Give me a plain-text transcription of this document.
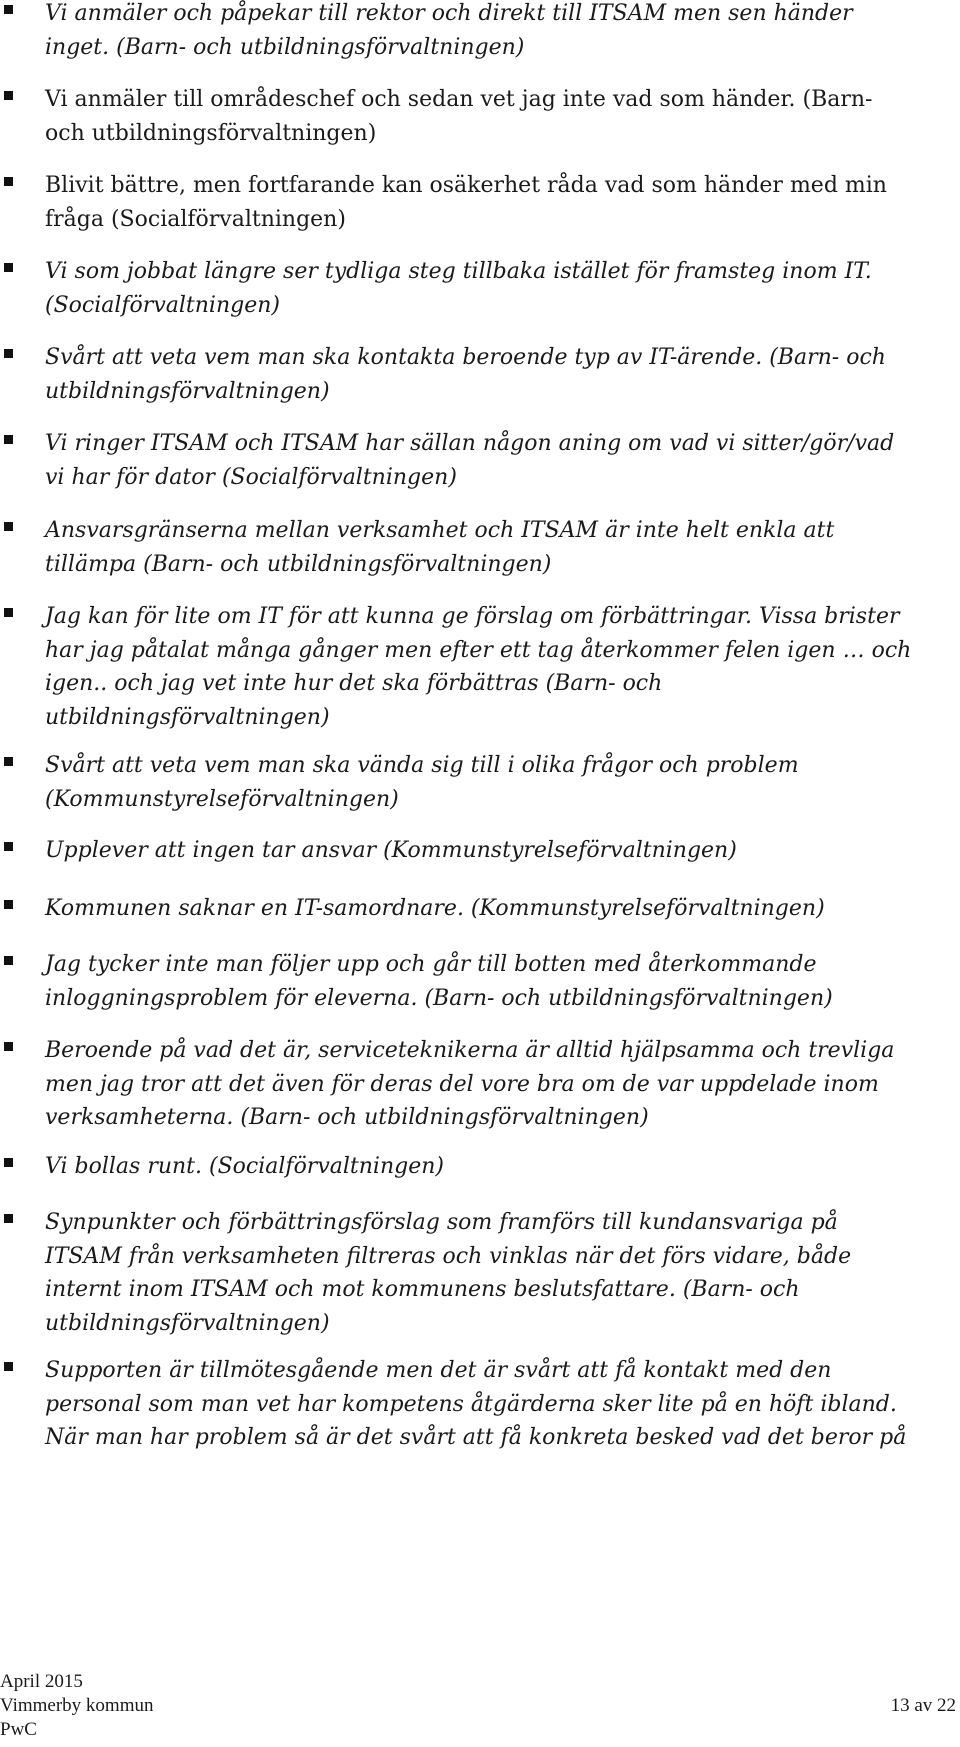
Vi anmäler och påpekar till rektor och direkt till ITSAM men sen händer
inget. (Barn- och utbildningsförvaltningen)

Vi anmäler till områdeschef och sedan vet jag inte vad som händer. (Barn-
och utbildningsförvaltningen)

Blivit bättre, men fortfarande kan osäkerhet råda vad som händer med min
fråga (Socialförvaltningen)

Vi som jobbat längre ser tydliga steg tillbaka istället för framsteg inom IT.
(Socialförvaltningen)

Svårt att veta vem man ska kontakta beroende typ av IT-ärende. (Barn- och
utbildningsförvaltningen)

Vi ringer ITSAM och ITSAM har sällan någon aning om vad vi sitter/gör/vad
vi har för dator (Socialförvaltningen)

Ansvarsgränserna mellan verksamhet och ITSAM är inte helt enkla att
tillämpa (Barn- och utbildningsförvaltningen)

Jag kan för lite om IT för att kunna ge förslag om förbättringar. Vissa brister
har jag påtalat många gånger men efter ett tag återkommer felen igen … och
igen.. och jag vet inte hur det ska förbättras (Barn- och
utbildningsförvaltningen)

Svårt att veta vem man ska vända sig till i olika frågor och problem
(Kommunstyrelseförvaltningen)

Upplever att ingen tar ansvar (Kommunstyrelseförvaltningen)

Kommunen saknar en IT-samordnare. (Kommunstyrelseförvaltningen)

Jag tycker inte man följer upp och går till botten med återkommande
inloggningsproblem för eleverna. (Barn- och utbildningsförvaltningen)

Beroende på vad det är, serviceteknikerna är alltid hjälpsamma och trevliga
men jag tror att det även för deras del vore bra om de var uppdelade inom
verksamheterna. (Barn- och utbildningsförvaltningen)

Vi bollas runt. (Socialförvaltningen)

Synpunkter och förbättringsförslag som framförs till kundansvariga på
ITSAM från verksamheten filtreras och vinklas när det förs vidare, både
internt inom ITSAM och mot kommunens beslutsfattare. (Barn- och
utbildningsförvaltningen)

Supporten är tillmötesgående men det är svårt att få kontakt med den
personal som man vet har kompetens åtgärderna sker lite på en höft ibland.
När man har problem så är det svårt att få konkreta besked vad det beror på

April 2015
Vimmerby kommun
PwC
13 av 22
